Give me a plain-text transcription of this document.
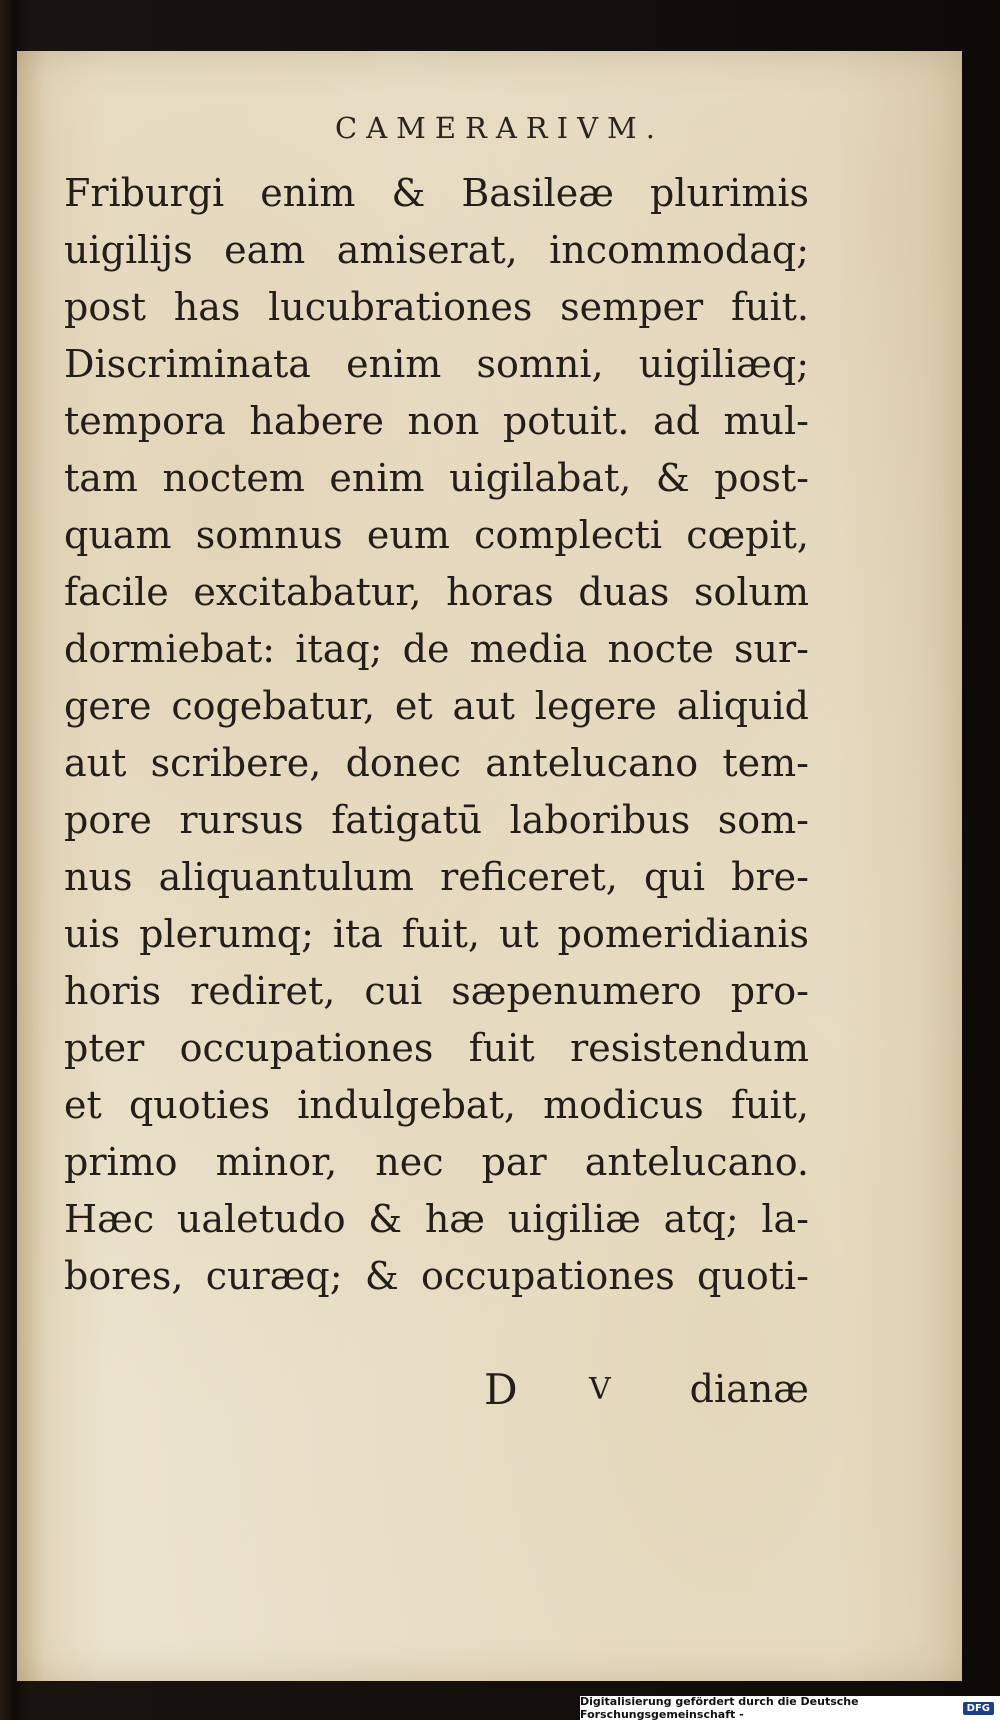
CAMERARIVM.
Friburgi enim & Basileæ plurimis
uigilijs eam amiserat, incommodaq;
post has lucubrationes semper fuit.
Discriminata enim somni, uigiliæq;
tempora habere non potuit. ad mul-
tam noctem enim uigilabat, & post-
quam somnus eum complecti cœpit,
facile excitabatur, horas duas solum
dormiebat: itaq; de media nocte sur-
gere cogebatur, et aut legere aliquid
aut scribere, donec antelucano tem-
pore rursus fatigatū laboribus som-
nus aliquantulum reficeret, qui bre-
uis plerumq; ita fuit, ut pomeridianis
horis rediret, cui sæpenumero pro-
pter occupationes fuit resistendum
et quoties indulgebat, modicus fuit,
primo minor, nec par antelucano.
Hæc ualetudo & hæ uigiliæ atq; la-
bores, curæq; & occupationes quoti-
D V dianæ
Digitalisierung gefördert durch die Deutsche Forschungsgemeinschaft -	DFG
